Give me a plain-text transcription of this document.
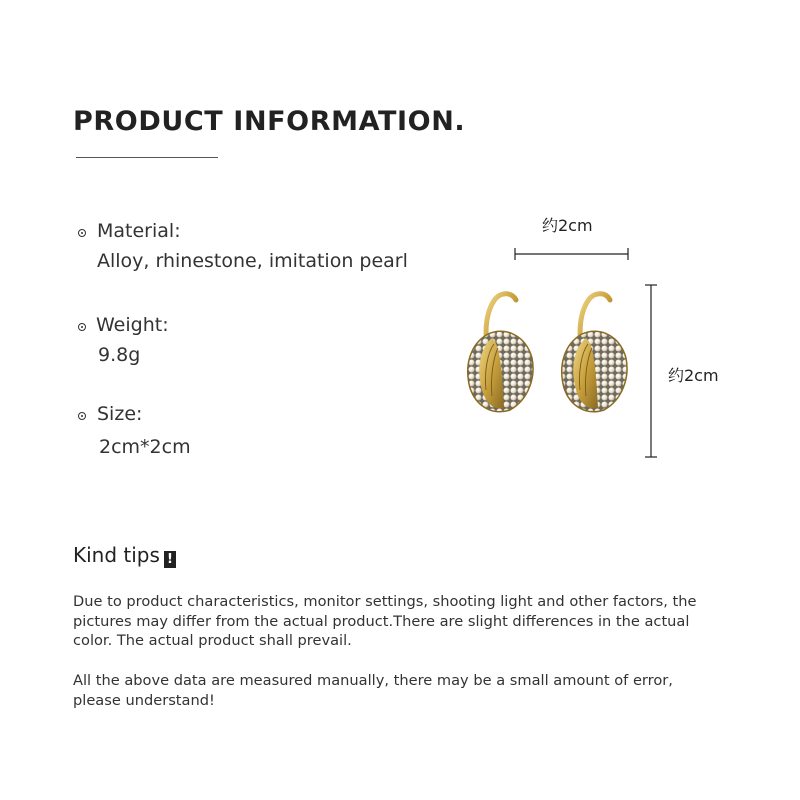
PRODUCT INFORMATION.
Material:
Alloy, rhinestone, imitation pearl
Weight:
9.8g
Size:
2cm*2cm
约2cm
约2cm
Kind tips !
Due to product characteristics, monitor settings, shooting light and other factors, the pictures may differ from the actual product.There are slight differences in the actual color. The actual product shall prevail.
All the above data are measured manually, there may be a small amount of error, please understand!
